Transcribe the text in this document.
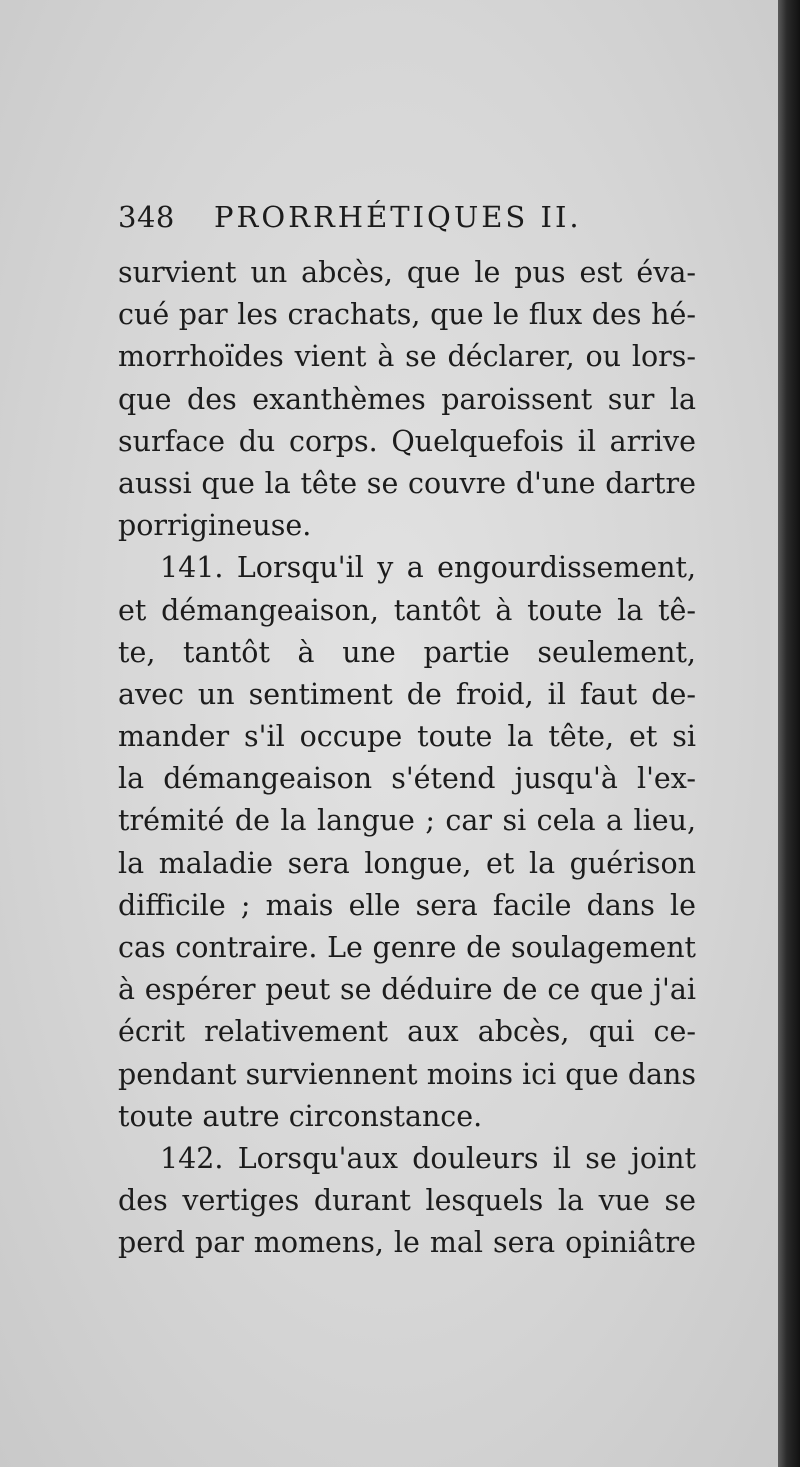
348	PRORRHÉTIQUES II.
survient un abcès, que le pus est éva-
cué par les crachats, que le flux des hé-
morrhoïdes vient à se déclarer, ou lors-
que des exanthèmes paroissent sur la
surface du corps. Quelquefois il arrive
aussi que la tête se couvre d'une dartre
porrigineuse.
141. Lorsqu'il y a engourdissement,
et démangeaison, tantôt à toute la tê-
te, tantôt à une partie seulement,
avec un sentiment de froid, il faut de-
mander s'il occupe toute la tête, et si
la démangeaison s'étend jusqu'à l'ex-
trémité de la langue ; car si cela a lieu,
la maladie sera longue, et la guérison
difficile ; mais elle sera facile dans le
cas contraire. Le genre de soulagement
à espérer peut se déduire de ce que j'ai
écrit relativement aux abcès, qui ce-
pendant surviennent moins ici que dans
toute autre circonstance.
142. Lorsqu'aux douleurs il se joint
des vertiges durant lesquels la vue se
perd par momens, le mal sera opiniâtre
